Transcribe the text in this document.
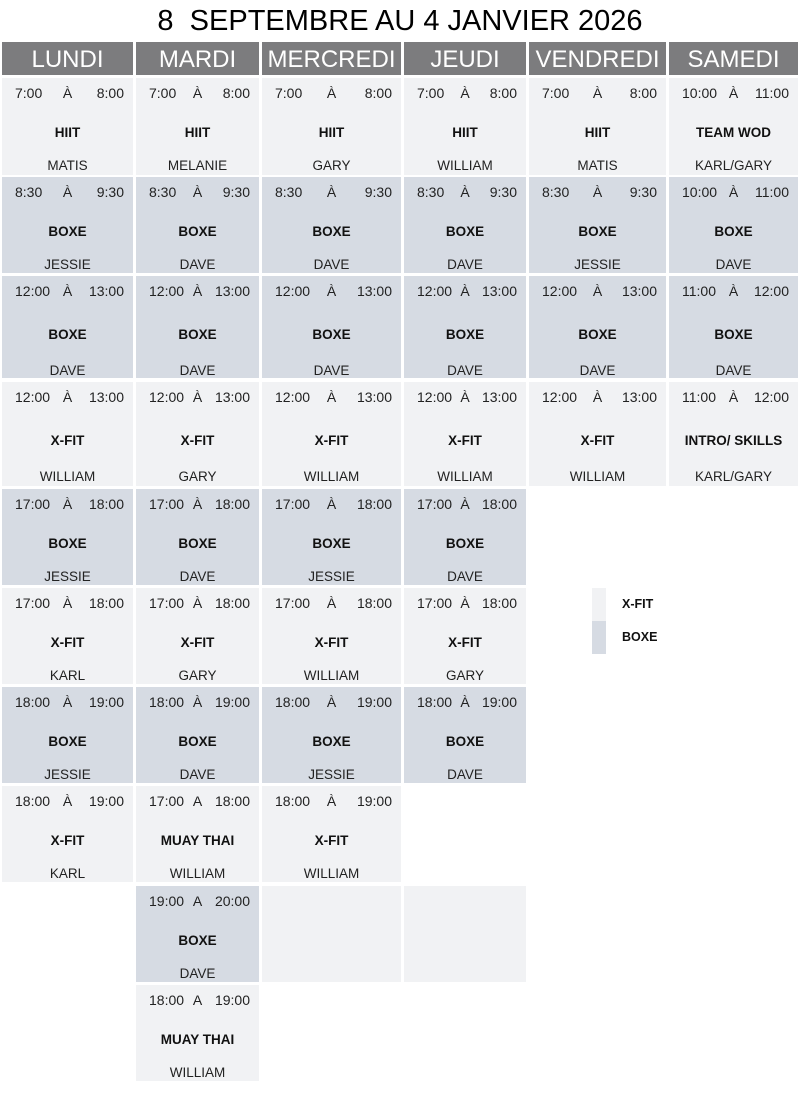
8  SEPTEMBRE AU 4 JANVIER 2026
LUNDI
7:00 À 8:00
HIIT
MATIS
8:30 À 9:30
BOXE
JESSIE
12:00 À 13:00
BOXE
DAVE
12:00 À 13:00
X-FIT
WILLIAM
17:00 À 18:00
BOXE
JESSIE
17:00 À 18:00
X-FIT
KARL
18:00 À 19:00
BOXE
JESSIE
18:00 À 19:00
X-FIT
KARL
MARDI
7:00 À 8:00
HIIT
MELANIE
8:30 À 9:30
BOXE
DAVE
12:00 À 13:00
BOXE
DAVE
12:00 À 13:00
X-FIT
GARY
17:00 À 18:00
BOXE
DAVE
17:00 À 18:00
X-FIT
GARY
18:00 À 19:00
BOXE
DAVE
17:00 A 18:00
MUAY THAI
WILLIAM
19:00 A 20:00
BOXE
DAVE
18:00 A 19:00
MUAY THAI
WILLIAM
MERCREDI
7:00 À 8:00
HIIT
GARY
8:30 À 9:30
BOXE
DAVE
12:00 À 13:00
BOXE
DAVE
12:00 À 13:00
X-FIT
WILLIAM
17:00 À 18:00
BOXE
JESSIE
17:00 À 18:00
X-FIT
WILLIAM
18:00 À 19:00
BOXE
JESSIE
18:00 À 19:00
X-FIT
WILLIAM
JEUDI
7:00 À 8:00
HIIT
WILLIAM
8:30 À 9:30
BOXE
DAVE
12:00 À 13:00
BOXE
DAVE
12:00 À 13:00
X-FIT
WILLIAM
17:00 À 18:00
BOXE
DAVE
17:00 À 18:00
X-FIT
GARY
18:00 À 19:00
BOXE
DAVE
VENDREDI
7:00 À 8:00
HIIT
MATIS
8:30 À 9:30
BOXE
JESSIE
12:00 À 13:00
BOXE
DAVE
12:00 À 13:00
X-FIT
WILLIAM
SAMEDI
10:00 À 11:00
TEAM WOD
KARL/GARY
10:00 À 11:00
BOXE
DAVE
11:00 À 12:00
BOXE
DAVE
11:00 À 12:00
INTRO/ SKILLS
KARL/GARY
X-FIT
BOXE
